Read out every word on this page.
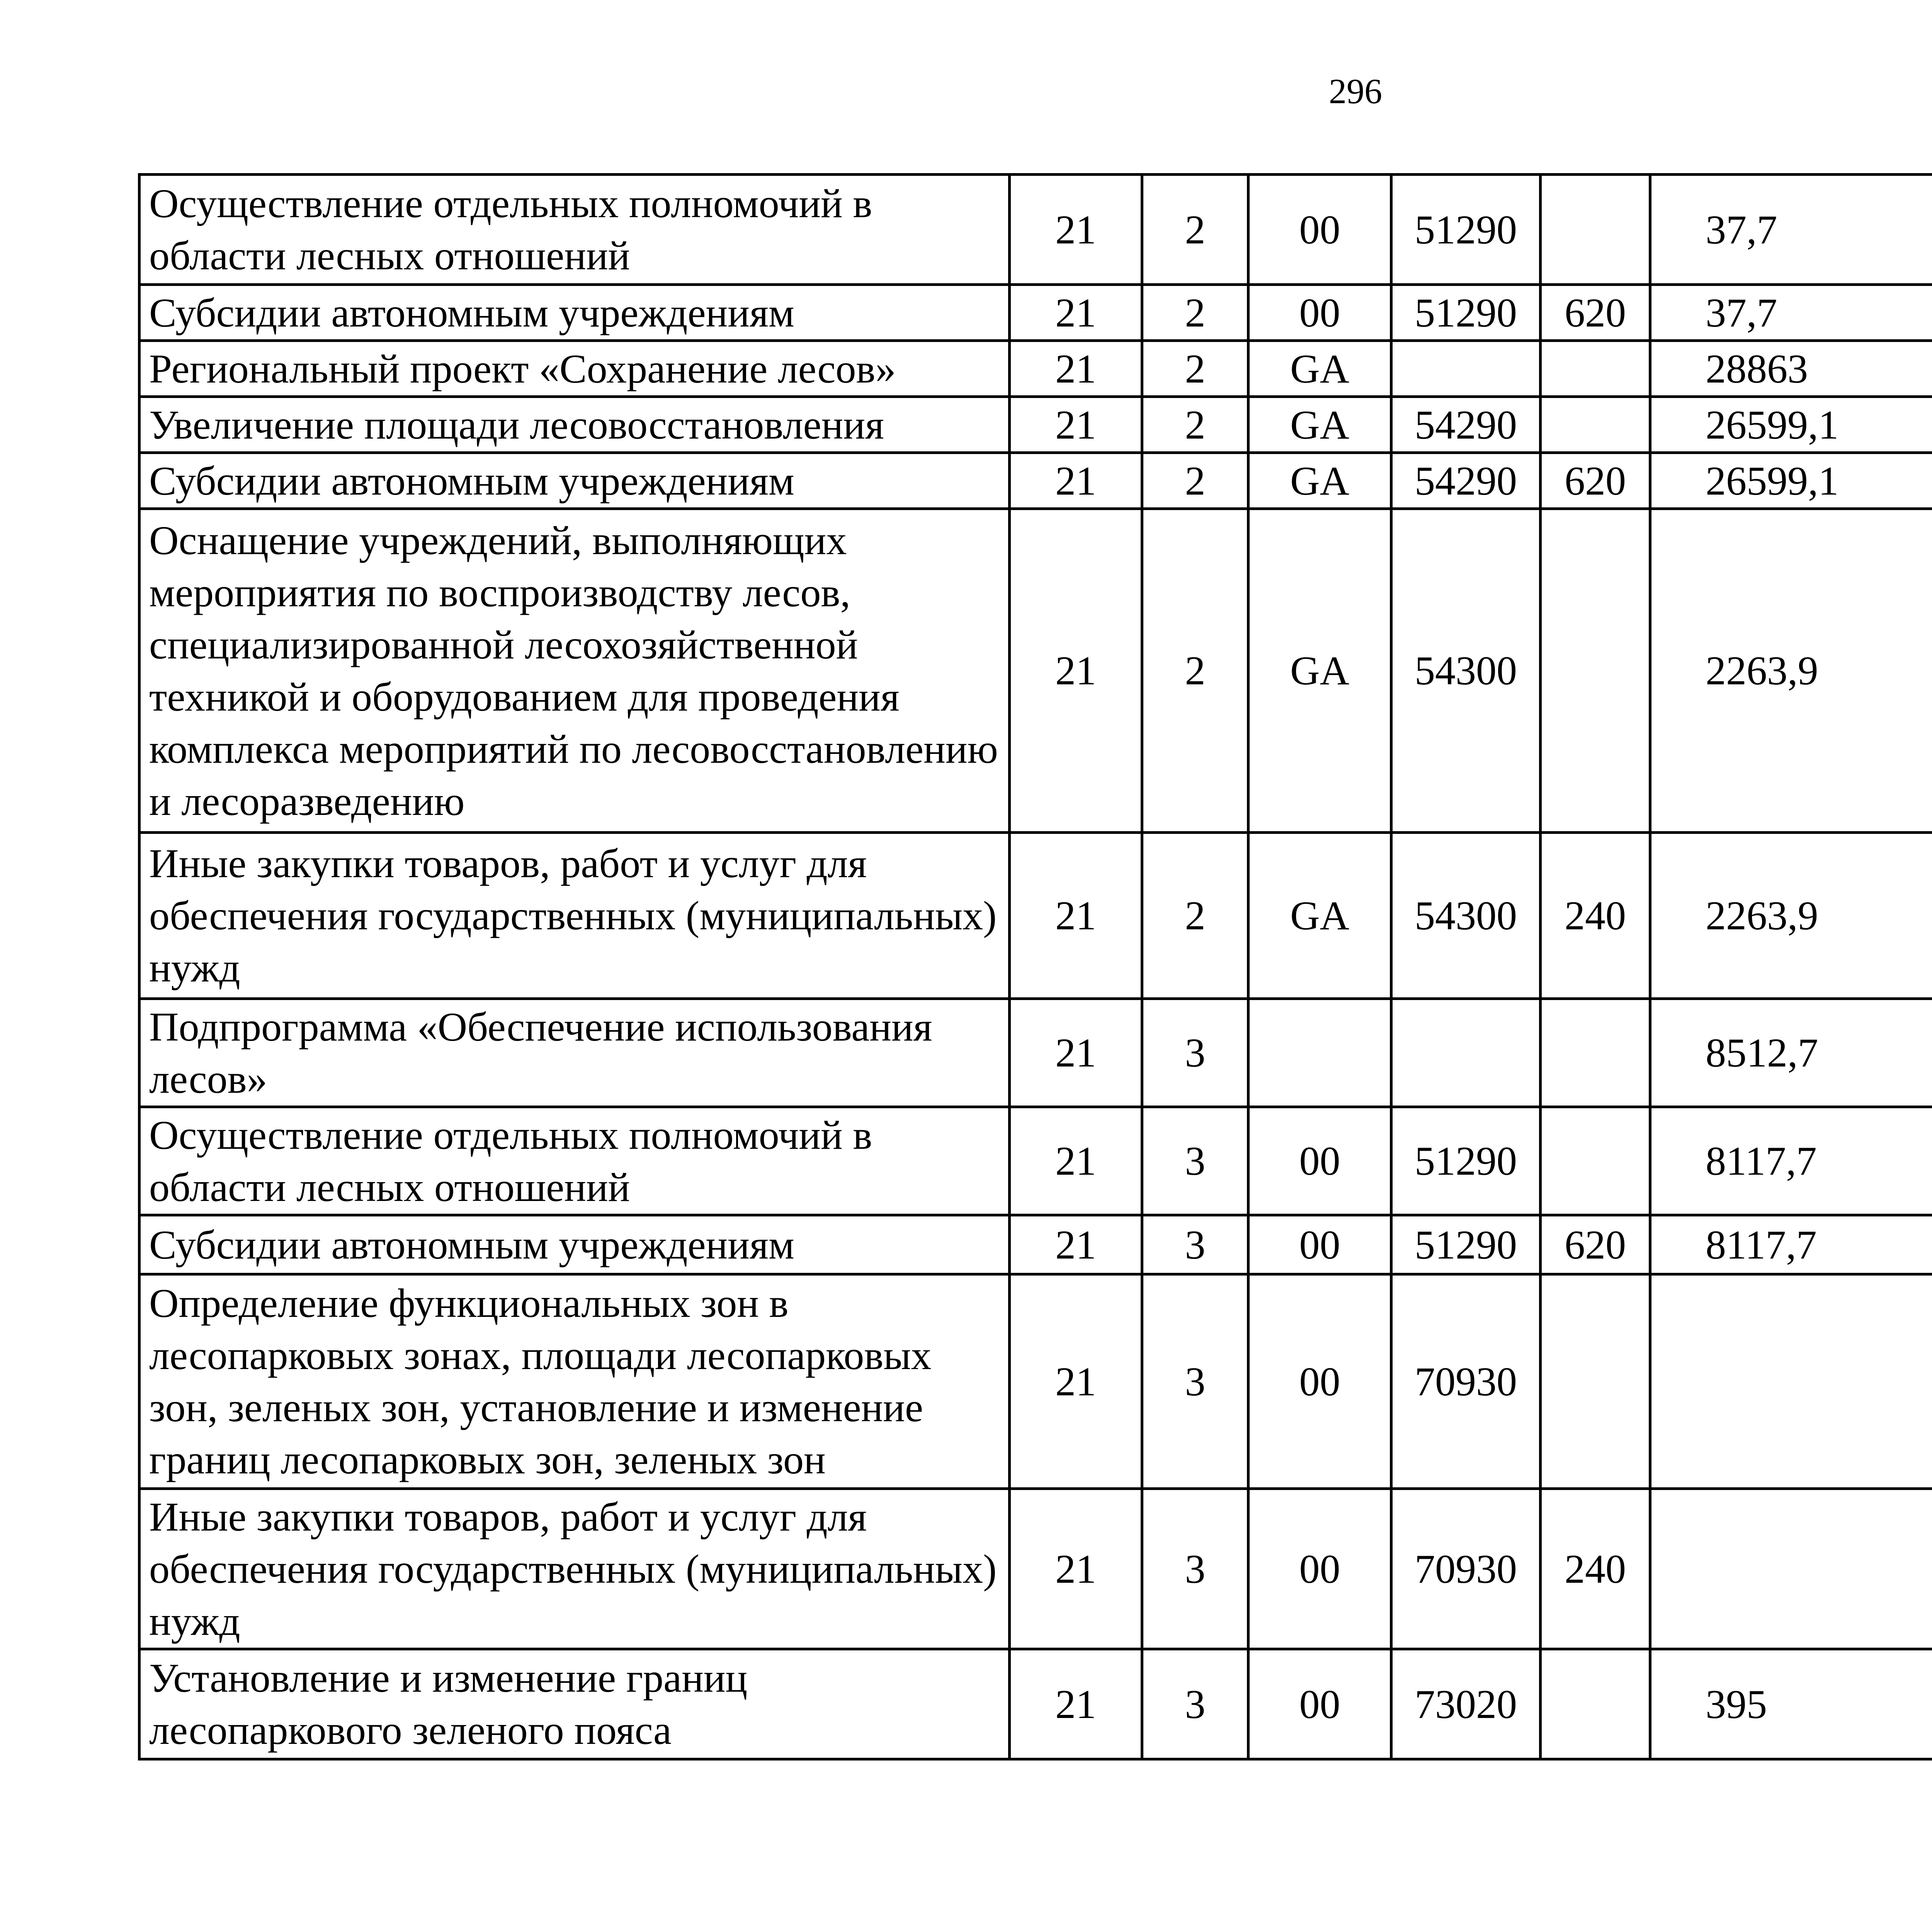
296
Осуществление отдельных полномочий в области лесных отношений	21	2	00	51290		37,7		
Субсидии автономным учреждениям	21	2	00	51290	620	37,7		
Региональный проект «Сохранение лесов»	21	2	GA			28863		
Увеличение площади лесовосстановления	21	2	GA	54290		26599,1		
Субсидии автономным учреждениям	21	2	GA	54290	620	26599,1		
Оснащение учреждений, выполняющих мероприятия по воспроизводству лесов, специализированной лесохозяйственной техникой и оборудованием для проведения комплекса мероприятий по лесовосстановлению и лесоразведению	21	2	GA	54300		2263,9		
Иные закупки товаров, работ и услуг для обеспечения государственных (муниципальных) нужд	21	2	GA	54300	240	2263,9		
Подпрограмма «Обеспечение использования лесов»	21	3				8512,7		
Осуществление отдельных полномочий в области лесных отношений	21	3	00	51290		8117,7		
Субсидии автономным учреждениям	21	3	00	51290	620	8117,7		
Определение функциональных зон в лесопарковых зонах, площади лесопарковых зон, зеленых зон, установление и изменение границ лесопарковых зон, зеленых зон	21	3	00	70930				
Иные закупки товаров, работ и услуг для обеспечения государственных (муниципальных) нужд	21	3	00	70930	240			
Установление и изменение границ лесопаркового зеленого пояса	21	3	00	73020		395		
